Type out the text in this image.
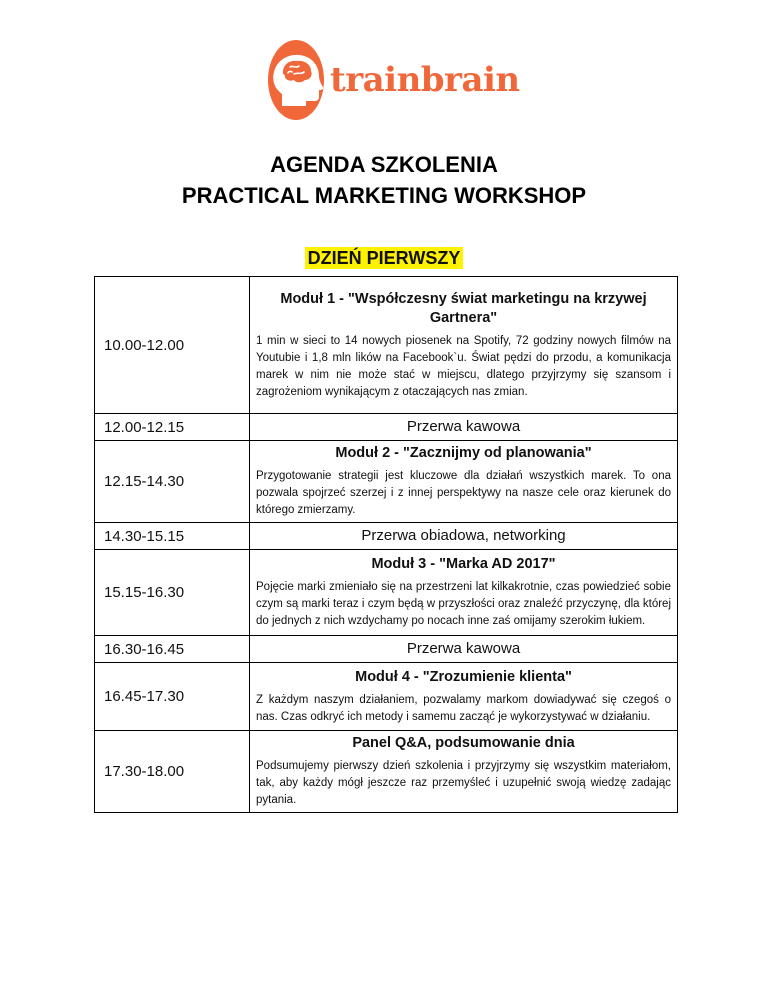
trainbrain
AGENDA SZKOLENIA
PRACTICAL MARKETING WORKSHOP
DZIEŃ PIERWSZY
10.00-12.00	Moduł 1 - "Współczesny świat marketingu na krzywej Gartnera"
1 min w sieci to 14 nowych piosenek na Spotify, 72 godziny nowych filmów na Youtubie i 1,8 mln lików na Facebook`u. Świat pędzi do przodu, a komunikacja marek w nim nie może stać w miejscu, dlatego przyjrzymy się szansom i zagrożeniom wynikającym z otaczających nas zmian.

12.00-12.15	Przerwa kawowa

12.15-14.30	Moduł 2 - "Zacznijmy od planowania"
Przygotowanie strategii jest kluczowe dla działań wszystkich marek. To ona pozwala spojrzeć szerzej i z innej perspektywy na nasze cele oraz kierunek do którego zmierzamy.

14.30-15.15	Przerwa obiadowa, networking

15.15-16.30	Moduł 3 - "Marka AD 2017"
Pojęcie marki zmieniało się na przestrzeni lat kilkakrotnie, czas powiedzieć sobie czym są marki teraz i czym będą w przyszłości oraz znaleźć przyczynę, dla której do jednych z nich wzdychamy po nocach inne zaś omijamy szerokim łukiem.

16.30-16.45	Przerwa kawowa

16.45-17.30	Moduł 4 - "Zrozumienie klienta"
Z każdym naszym działaniem, pozwalamy markom dowiadywać się czegoś o nas. Czas odkryć ich metody i samemu zacząć je wykorzystywać w działaniu.

17.30-18.00	Panel Q&A, podsumowanie dnia
Podsumujemy pierwszy dzień szkolenia i przyjrzymy się wszystkim materiałom, tak, aby każdy mógł jeszcze raz przemyśleć i uzupełnić swoją wiedzę zadając pytania.
